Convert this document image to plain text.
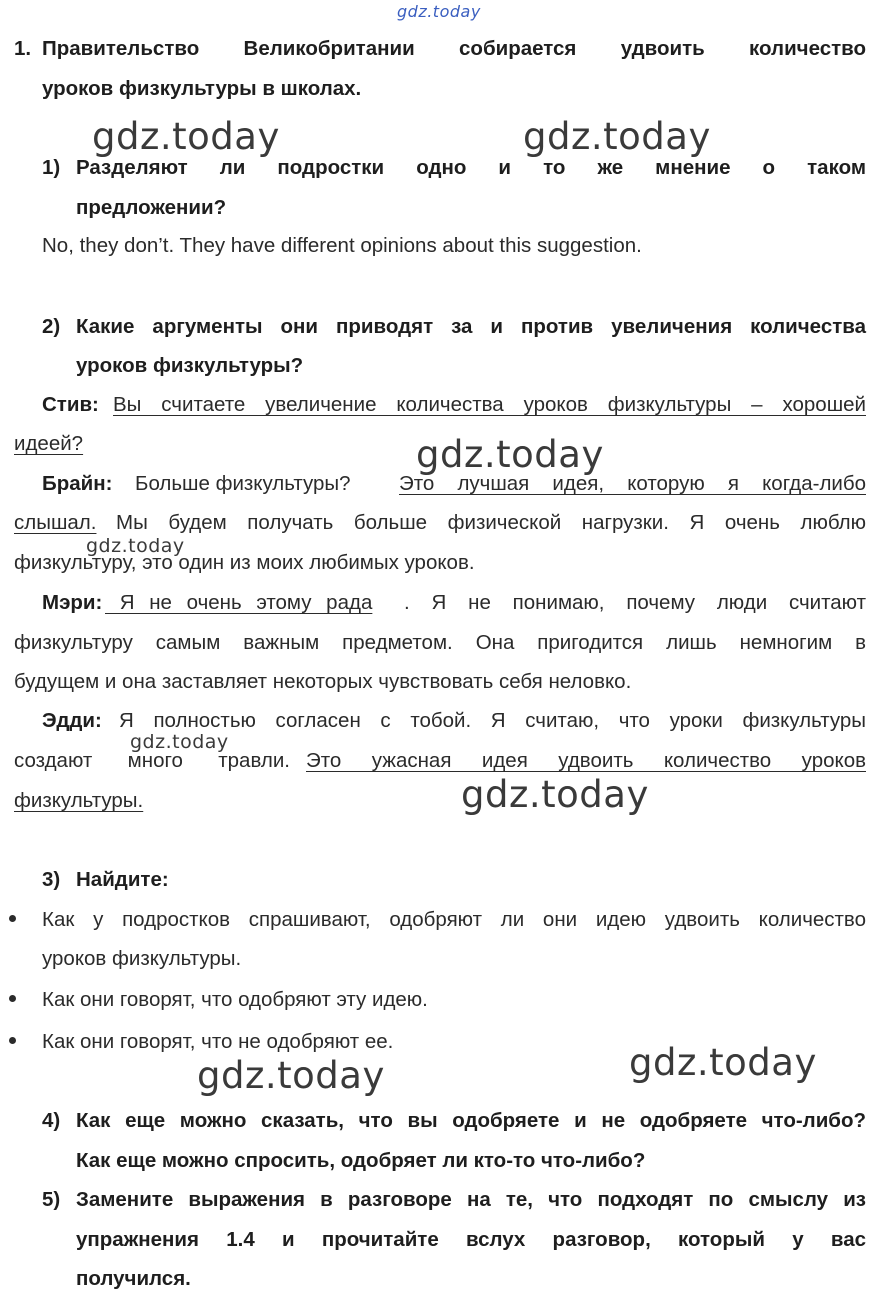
gdz.today
gdz.today	gdz.today
gdz.today
gdz.today
gdz.today
gdz.today
gdz.today
gdz.today
1. Правительство Великобритании собирается удвоить количество
уроков физкультуры в школах.
1) Разделяют ли подростки одно и то же мнение о таком
предложении?
No, they don’t. They have different opinions about this suggestion.
2) Какие аргументы они приводят за и против увеличения количества
уроков физкультуры?
Стив: Вы считаете увеличение количества уроков физкультуры – хорошей
идеей?
Брайн: Больше физкультуры? Это лучшая идея, которую я когда-либо
слышал. Мы будем получать больше физической нагрузки. Я очень люблю
физкультуру, это один из моих любимых уроков.
Мэри: Я не очень этому рада	. Я не понимаю, почему люди считают
физкультуру самым важным предметом. Она пригодится лишь немногим в
будущем и она заставляет некоторых чувствовать себя неловко.
Эдди: Я полностью согласен с тобой. Я считаю, что уроки физкультуры
создают много травли. Это ужасная идея удвоить количество уроков
физкультуры.
3) Найдите:
Как у подростков спрашивают, одобряют ли они идею удвоить количество
уроков физкультуры.
Как они говорят, что одобряют эту идею.
Как они говорят, что не одобряют ее.
4) Как еще можно сказать, что вы одобряете и не одобряете что-либо?
Как еще можно спросить, одобряет ли кто-то что-либо?
5) Замените выражения в разговоре на те, что подходят по смыслу из
упражнения 1.4 и прочитайте вслух разговор, который у вас
получился.
